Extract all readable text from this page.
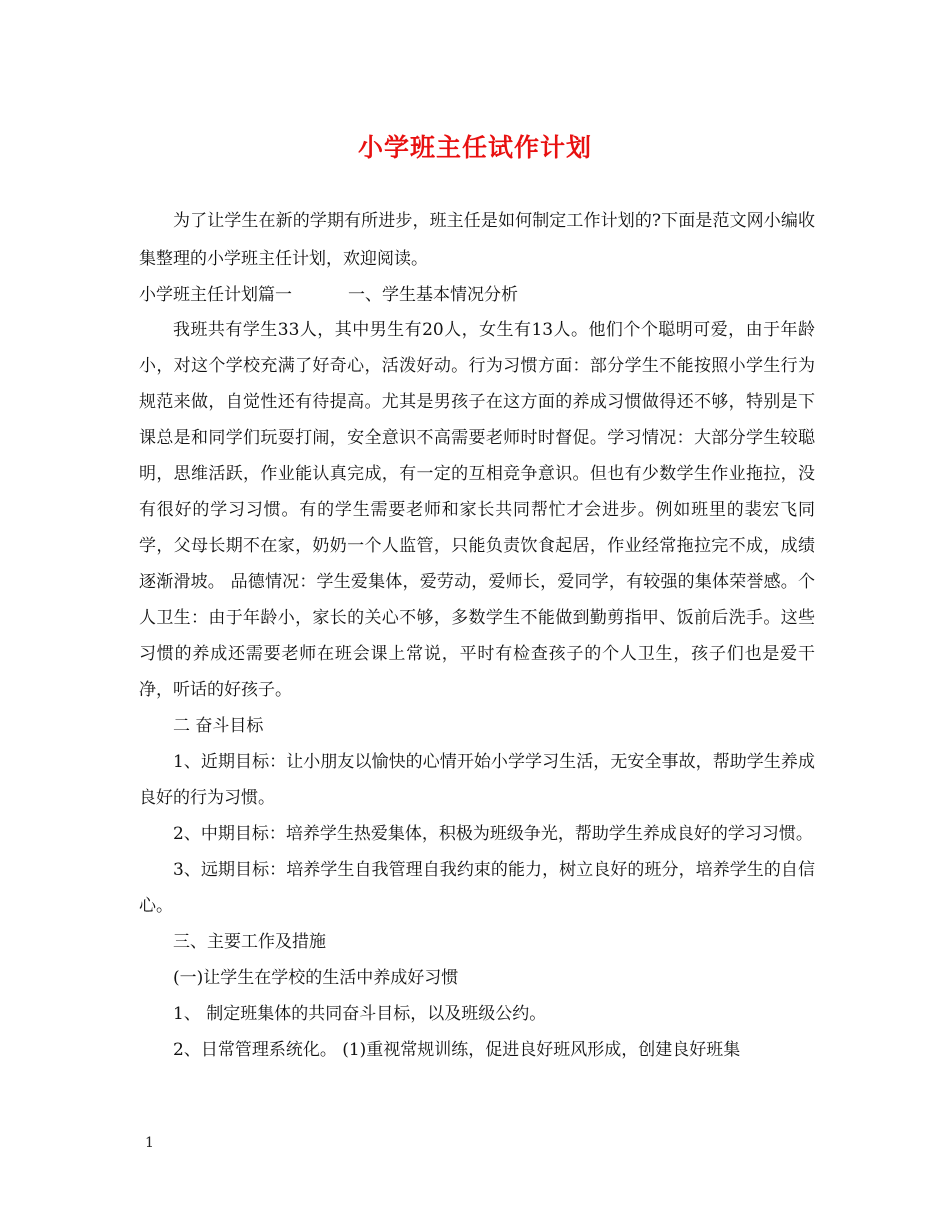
小学班主任试作计划

为了让学生在新的学期有所进步，班主任是如何制定工作计划的?下面是范文网小编收集整理的小学班主任计划，欢迎阅读。

小学班主任计划篇一	一、学生基本情况分析

我班共有学生33人，其中男生有20人，女生有13人。他们个个聪明可爱，由于年龄小，对这个学校充满了好奇心，活泼好动。行为习惯方面：部分学生不能按照小学生行为规范来做，自觉性还有待提高。尤其是男孩子在这方面的养成习惯做得还不够，特别是下课总是和同学们玩耍打闹，安全意识不高需要老师时时督促。学习情况：大部分学生较聪明，思维活跃，作业能认真完成，有一定的互相竞争意识。但也有少数学生作业拖拉，没有很好的学习习惯。有的学生需要老师和家长共同帮忙才会进步。例如班里的裴宏飞同学，父母长期不在家，奶奶一个人监管，只能负责饮食起居，作业经常拖拉完不成，成绩逐渐滑坡。 品德情况：学生爱集体，爱劳动，爱师长，爱同学，有较强的集体荣誉感。个人卫生：由于年龄小，家长的关心不够，多数学生不能做到勤剪指甲、饭前后洗手。这些习惯的养成还需要老师在班会课上常说，平时有检查孩子的个人卫生，孩子们也是爱干净，听话的好孩子。

二 奋斗目标

1、近期目标：让小朋友以愉快的心情开始小学学习生活，无安全事故，帮助学生养成良好的行为习惯。

2、中期目标：培养学生热爱集体，积极为班级争光，帮助学生养成良好的学习习惯。

3、远期目标：培养学生自我管理自我约束的能力，树立良好的班分，培养学生的自信心。

三、主要工作及措施

(一)让学生在学校的生活中养成好习惯

1、 制定班集体的共同奋斗目标，以及班级公约。

2、日常管理系统化。 (1)重视常规训练，促进良好班风形成，创建良好班集

1
